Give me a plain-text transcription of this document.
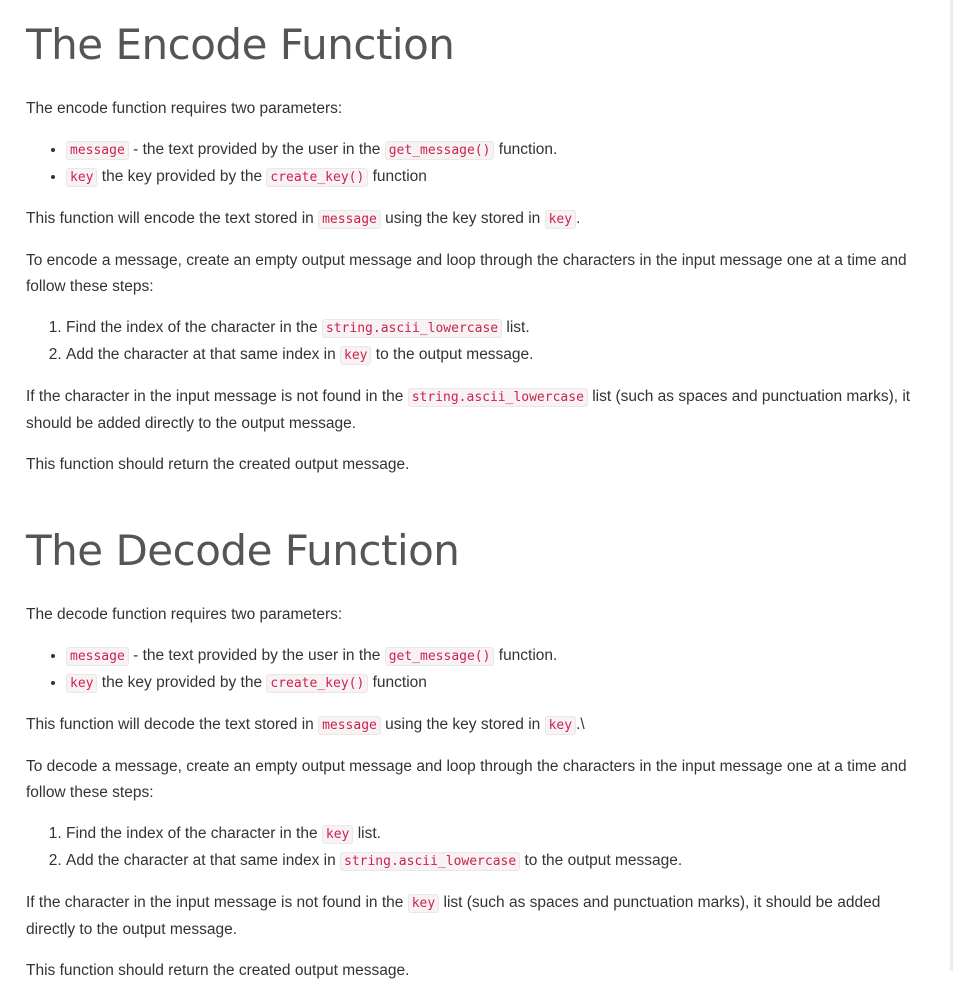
The Encode Function

The encode function requires two parameters:

• message - the text provided by the user in the get_message() function.
• key the key provided by the create_key() function

This function will encode the text stored in message using the key stored in key .

To encode a message, create an empty output message and loop through the characters in the input message one at a time and follow these steps:

1. Find the index of the character in the string.ascii_lowercase list.
2. Add the character at that same index in key to the output message.

If the character in the input message is not found in the string.ascii_lowercase list (such as spaces and punctuation marks), it should be added directly to the output message.

This function should return the created output message.

The Decode Function

The decode function requires two parameters:

• message - the text provided by the user in the get_message() function.
• key the key provided by the create_key() function

This function will decode the text stored in message using the key stored in key .\

To decode a message, create an empty output message and loop through the characters in the input message one at a time and follow these steps:

1. Find the index of the character in the key list.
2. Add the character at that same index in string.ascii_lowercase to the output message.

If the character in the input message is not found in the key list (such as spaces and punctuation marks), it should be added directly to the output message.

This function should return the created output message.
